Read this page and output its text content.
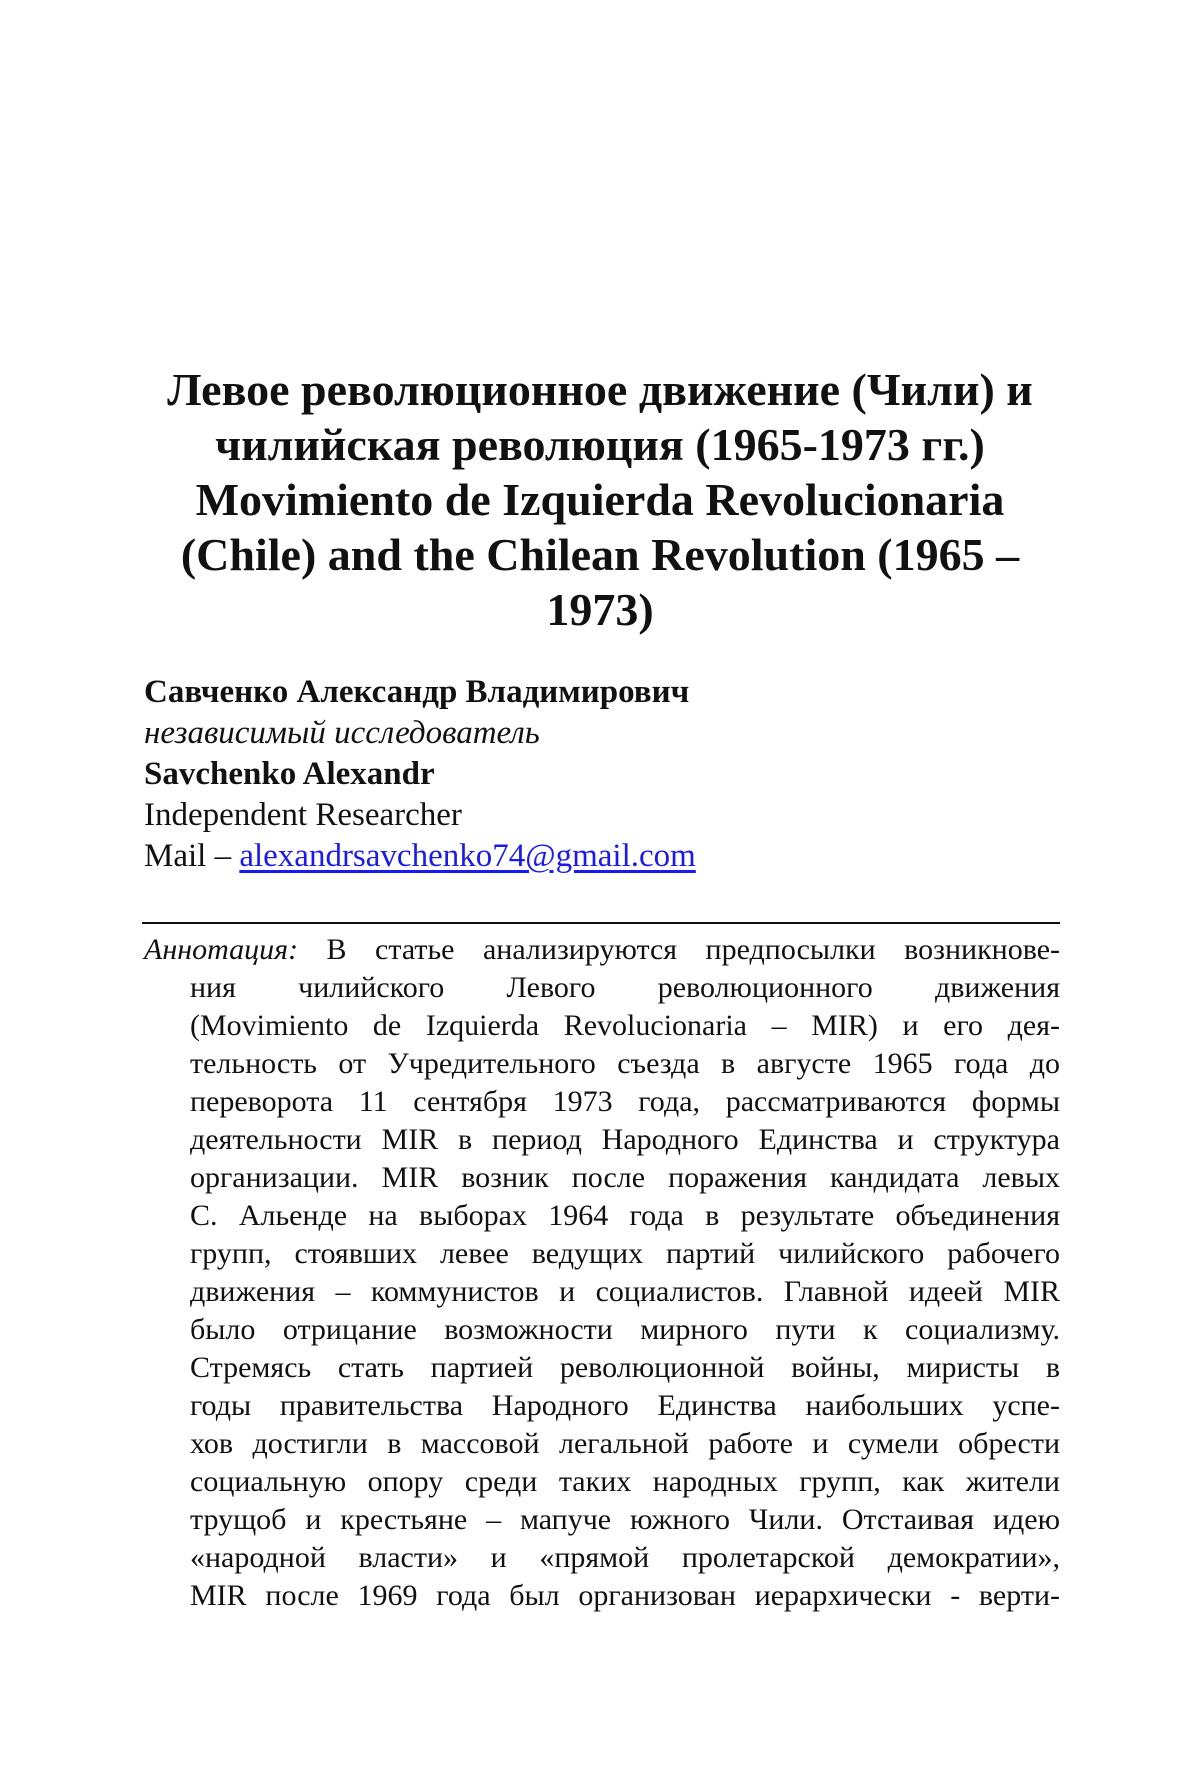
Левое революционное движение (Чили) и
чилийская революция (1965-1973 гг.)
Movimiento de Izquierda Revolucionaria
(Chile) and the Chilean Revolution (1965 –
1973)
Савченко Александр Владимирович
независимый исследователь
Savchenko Alexandr
Independent Researcher
Mail – alexandrsavchenko74@gmail.com
Аннотация: В статье анализируются предпосылки возникнове-
ния чилийского Левого революционного движения
(Movimiento de Izquierda Revolucionaria – MIR) и его дея-
тельность от Учредительного съезда в августе 1965 года до
переворота 11 сентября 1973 года, рассматриваются формы
деятельности MIR в период Народного Единства и структура
организации. MIR возник после поражения кандидата левых
С. Альенде на выборах 1964 года в результате объединения
групп, стоявших левее ведущих партий чилийского рабочего
движения – коммунистов и социалистов. Главной идеей MIR
было отрицание возможности мирного пути к социализму.
Стремясь стать партией революционной войны, миристы в
годы правительства Народного Единства наибольших успе-
хов достигли в массовой легальной работе и сумели обрести
социальную опору среди таких народных групп, как жители
трущоб и крестьяне – мапуче южного Чили. Отстаивая идею
«народной власти» и «прямой пролетарской демократии»,
MIR после 1969 года был организован иерархически - верти-
